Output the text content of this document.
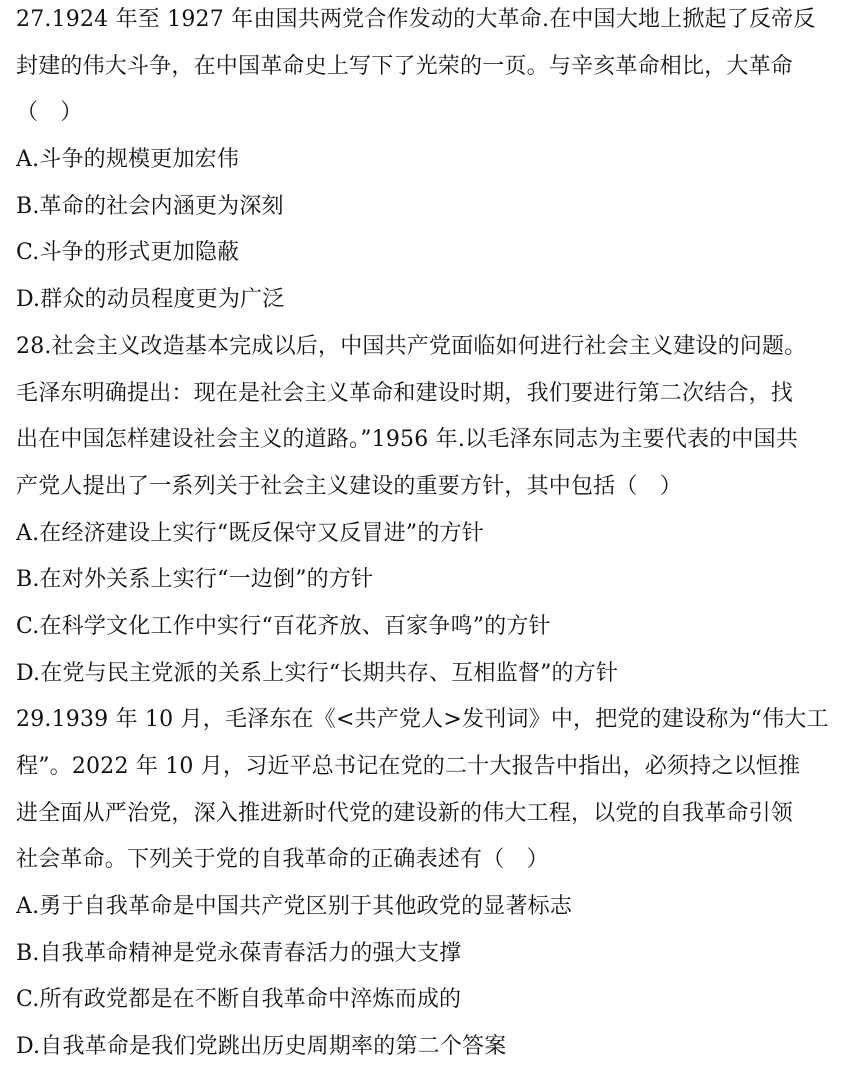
27.1924 年至 1927 年由国共两党合作发动的大革命.在中国大地上掀起了反帝反
封建的伟大斗争，在中国革命史上写下了光荣的一页。与辛亥革命相比，大革命
（　）
A.斗争的规模更加宏伟
B.革命的社会内涵更为深刻
C.斗争的形式更加隐蔽
D.群众的动员程度更为广泛
28.社会主义改造基本完成以后，中国共产党面临如何进行社会主义建设的问题。
毛泽东明确提出：现在是社会主义革命和建设时期，我们要进行第二次结合，找
出在中国怎样建设社会主义的道路。”1956 年.以毛泽东同志为主要代表的中国共
产党人提出了一系列关于社会主义建设的重要方针，其中包括（　）
A.在经济建设上实行“既反保守又反冒进”的方针
B.在对外关系上实行“一边倒”的方针
C.在科学文化工作中实行“百花齐放、百家争鸣”的方针
D.在党与民主党派的关系上实行“长期共存、互相监督”的方针
29.1939 年 10 月，毛泽东在《<共产党人>发刊词》中，把党的建设称为“伟大工
程”。2022 年 10 月，习近平总书记在党的二十大报告中指出，必须持之以恒推
进全面从严治党，深入推进新时代党的建设新的伟大工程，以党的自我革命引领
社会革命。下列关于党的自我革命的正确表述有（　）
A.勇于自我革命是中国共产党区别于其他政党的显著标志
B.自我革命精神是党永葆青春活力的强大支撑
C.所有政党都是在不断自我革命中淬炼而成的
D.自我革命是我们党跳出历史周期率的第二个答案
